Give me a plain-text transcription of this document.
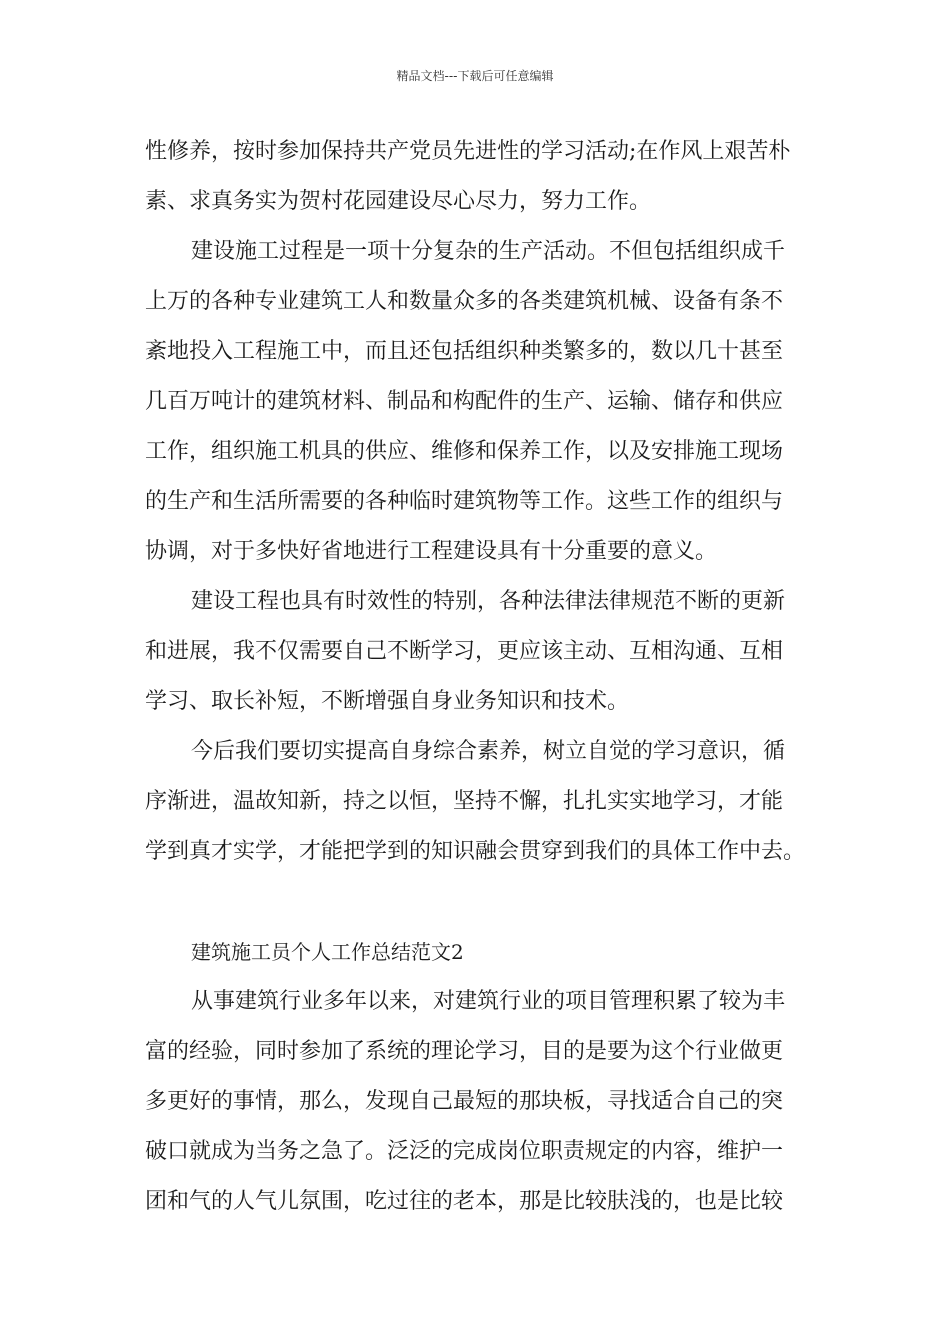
精品文档---下载后可任意编辑
性修养，按时参加保持共产党员先进性的学习活动;在作风上艰苦朴
素、求真务实为贺村花园建设尽心尽力，努力工作。
建设施工过程是一项十分复杂的生产活动。不但包括组织成千
上万的各种专业建筑工人和数量众多的各类建筑机械、设备有条不
紊地投入工程施工中，而且还包括组织种类繁多的，数以几十甚至
几百万吨计的建筑材料、制品和构配件的生产、运输、储存和供应
工作，组织施工机具的供应、维修和保养工作，以及安排施工现场
的生产和生活所需要的各种临时建筑物等工作。这些工作的组织与
协调，对于多快好省地进行工程建设具有十分重要的意义。
建设工程也具有时效性的特别，各种法律法律规范不断的更新
和进展，我不仅需要自己不断学习，更应该主动、互相沟通、互相
学习、取长补短，不断增强自身业务知识和技术。
今后我们要切实提高自身综合素养，树立自觉的学习意识，循
序渐进，温故知新，持之以恒，坚持不懈，扎扎实实地学习，才能
学到真才实学，才能把学到的知识融会贯穿到我们的具体工作中去。
建筑施工员个人工作总结范文2
从事建筑行业多年以来，对建筑行业的项目管理积累了较为丰
富的经验，同时参加了系统的理论学习，目的是要为这个行业做更
多更好的事情，那么，发现自己最短的那块板，寻找适合自己的突
破口就成为当务之急了。泛泛的完成岗位职责规定的内容，维护一
团和气的人气儿氛围，吃过往的老本，那是比较肤浅的，也是比较
